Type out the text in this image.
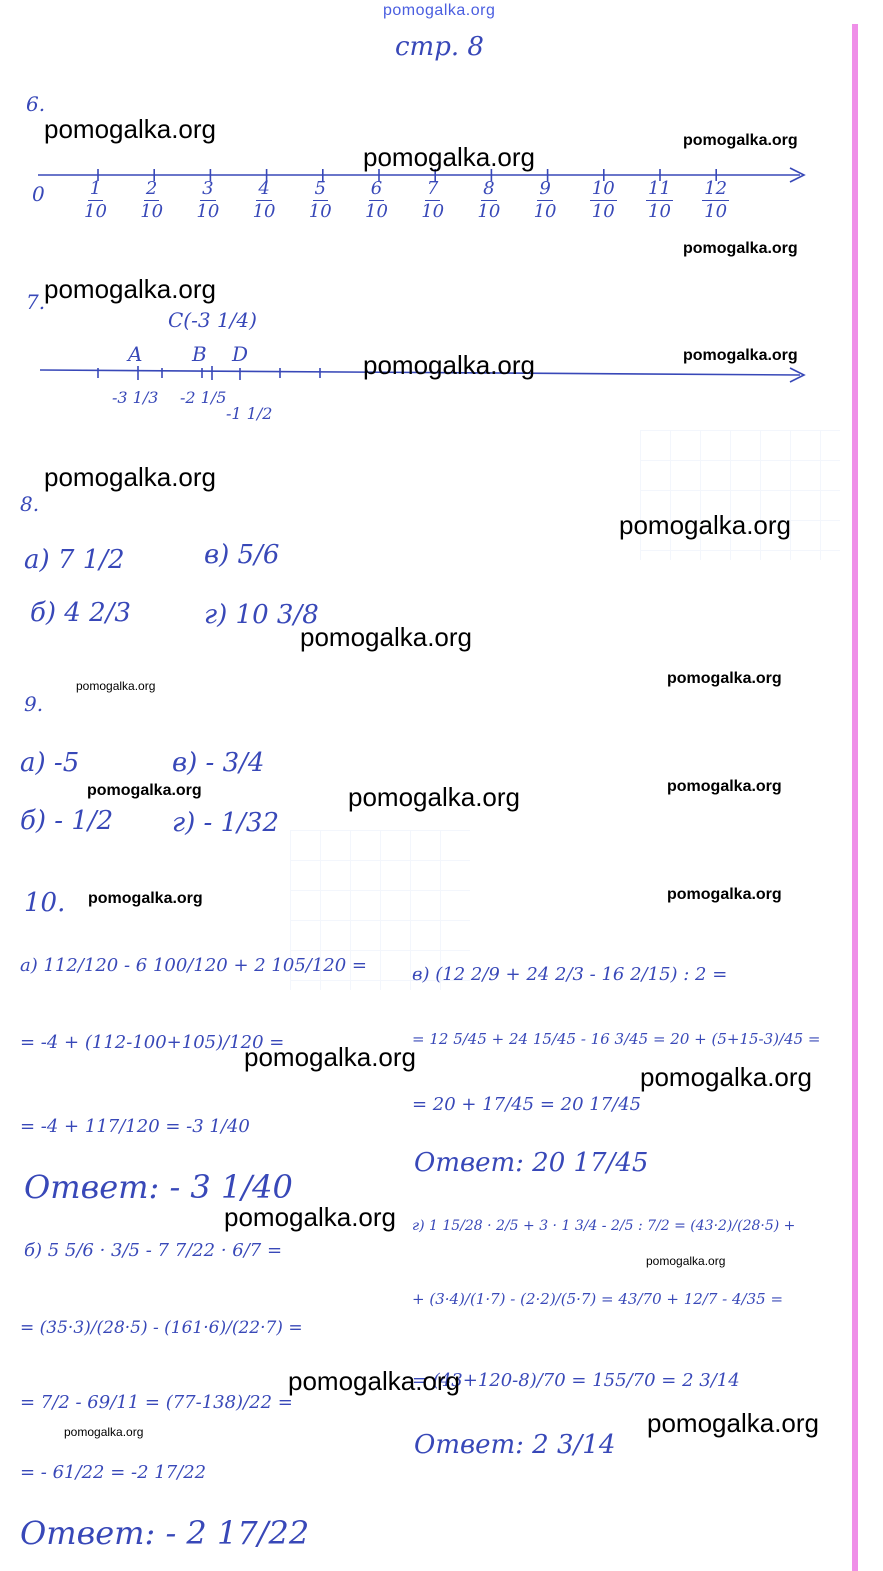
pomogalka.org
стр. 8
6.
$0 \frac{1}{10} \frac{2}{10} \frac{3}{10} \frac{4}{10} \frac{5}{10} \frac{6}{10} \frac{7}{10} \frac{8}{10} \frac{9}{10} \frac{10}{10} \frac{11}{10} \frac{12}{10}$
7.
C(-3 1/4)
A B D
-3 1/3 -2 1/5
-1 1/2
8.
а) 7 1/2
б) 4 2/3
в) 5/6
г) 10 3/8
9.
а) -5
б) - 1/2
в) - 3/4
г) - 1/32
10.
а) 112/120 - 6 100/120 + 2 105/120 =
= -4 + (112-100+105)/120 =
= -4 + 117/120 = -3 1/40
Ответ: - 3 1/40
б) 5 5/6 · 3/5 - 7 7/22 · 6/7 =
= (35·3)/(28·5) - (161·6)/(22·7) =
= 7/2 - 69/11 = (77-138)/22 =
= - 61/22 = -2 17/22
Ответ: - 2 17/22
в) (12 2/9 + 24 2/3 - 16 2/15) : 2 =
= 12 5/45 + 24 15/45 - 16 3/45 = 20 + (5+15-3)/45 =
= 20 + 17/45 = 20 17/45
Ответ: 20 17/45
г) 1 15/28 · 2/5 + 3 · 1 3/4 - 2/5 : 7/2 = (43·2)/(28·5) +
+ (3·4)/(1·7) - (2·2)/(5·7) = 43/70 + 12/7 - 4/35 =
= (43+120-8)/70 = 155/70 = 2 3/14
Ответ: 2 3/14
pomogalka.org
pomogalka.org
pomogalka.org
pomogalka.org
pomogalka.org
pomogalka.org	pomogalka.org
pomogalka.org
pomogalka.org
pomogalka.org
pomogalka.org	pomogalka.org
pomogalka.org	pomogalka.org	pomogalka.org
pomogalka.org	pomogalka.org
pomogalka.org
pomogalka.org
pomogalka.org
pomogalka.org
pomogalka.org
pomogalka.org
pomogalka.org
